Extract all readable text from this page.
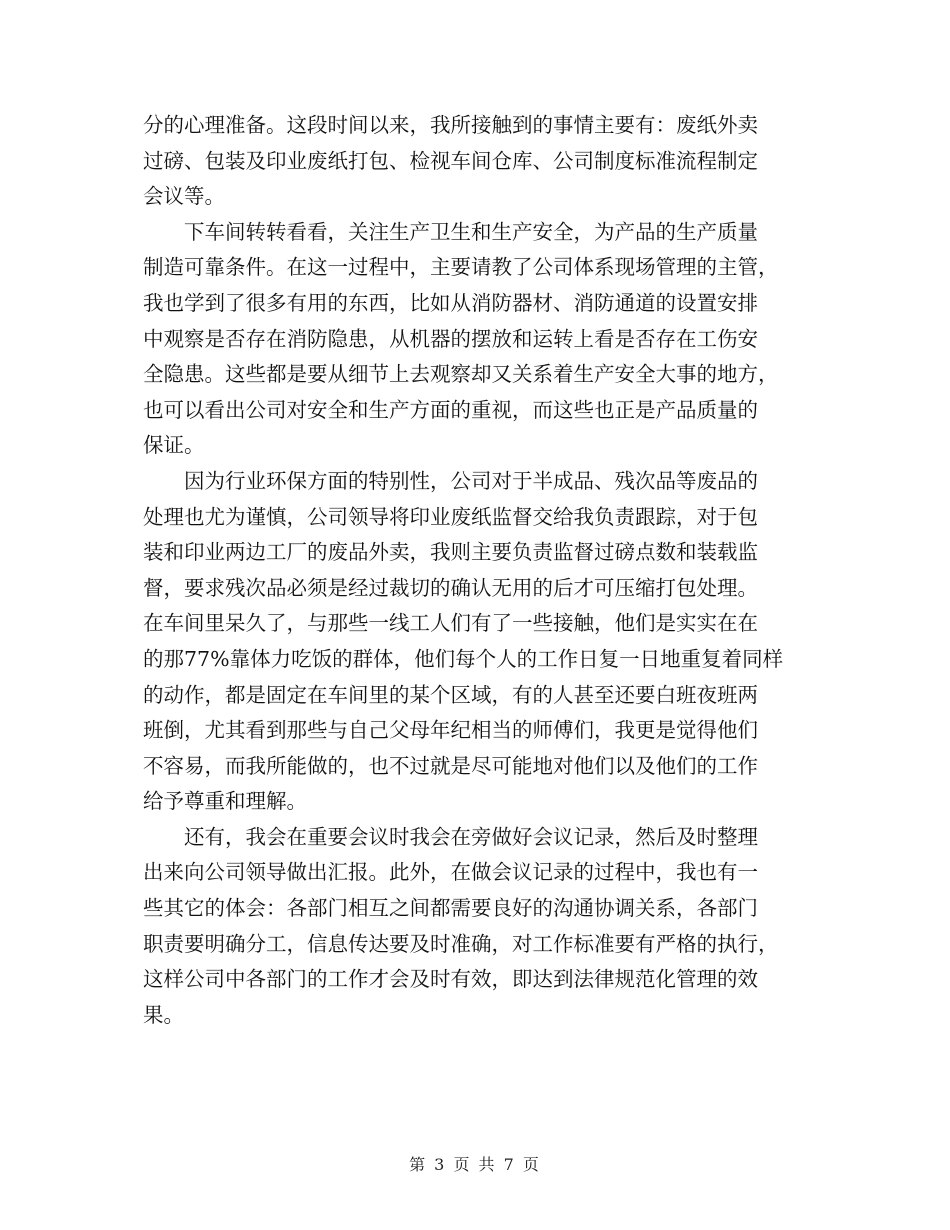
分的心理准备。这段时间以来，我所接触到的事情主要有：废纸外卖
过磅、包装及印业废纸打包、检视车间仓库、公司制度标准流程制定
会议等。
下车间转转看看，关注生产卫生和生产安全，为产品的生产质量
制造可靠条件。在这一过程中，主要请教了公司体系现场管理的主管，
我也学到了很多有用的东西，比如从消防器材、消防通道的设置安排
中观察是否存在消防隐患，从机器的摆放和运转上看是否存在工伤安
全隐患。这些都是要从细节上去观察却又关系着生产安全大事的地方，
也可以看出公司对安全和生产方面的重视，而这些也正是产品质量的
保证。
因为行业环保方面的特别性，公司对于半成品、残次品等废品的
处理也尤为谨慎，公司领导将印业废纸监督交给我负责跟踪，对于包
装和印业两边工厂的废品外卖，我则主要负责监督过磅点数和装载监
督，要求残次品必须是经过裁切的确认无用的后才可压缩打包处理。
在车间里呆久了，与那些一线工人们有了一些接触，他们是实实在在
的那77%靠体力吃饭的群体，他们每个人的工作日复一日地重复着同样
的动作，都是固定在车间里的某个区域，有的人甚至还要白班夜班两
班倒，尤其看到那些与自己父母年纪相当的师傅们，我更是觉得他们
不容易，而我所能做的，也不过就是尽可能地对他们以及他们的工作
给予尊重和理解。
还有，我会在重要会议时我会在旁做好会议记录，然后及时整理
出来向公司领导做出汇报。此外，在做会议记录的过程中，我也有一
些其它的体会：各部门相互之间都需要良好的沟通协调关系，各部门
职责要明确分工，信息传达要及时准确，对工作标准要有严格的执行，
这样公司中各部门的工作才会及时有效，即达到法律规范化管理的效
果。
第 3 页 共 7 页
